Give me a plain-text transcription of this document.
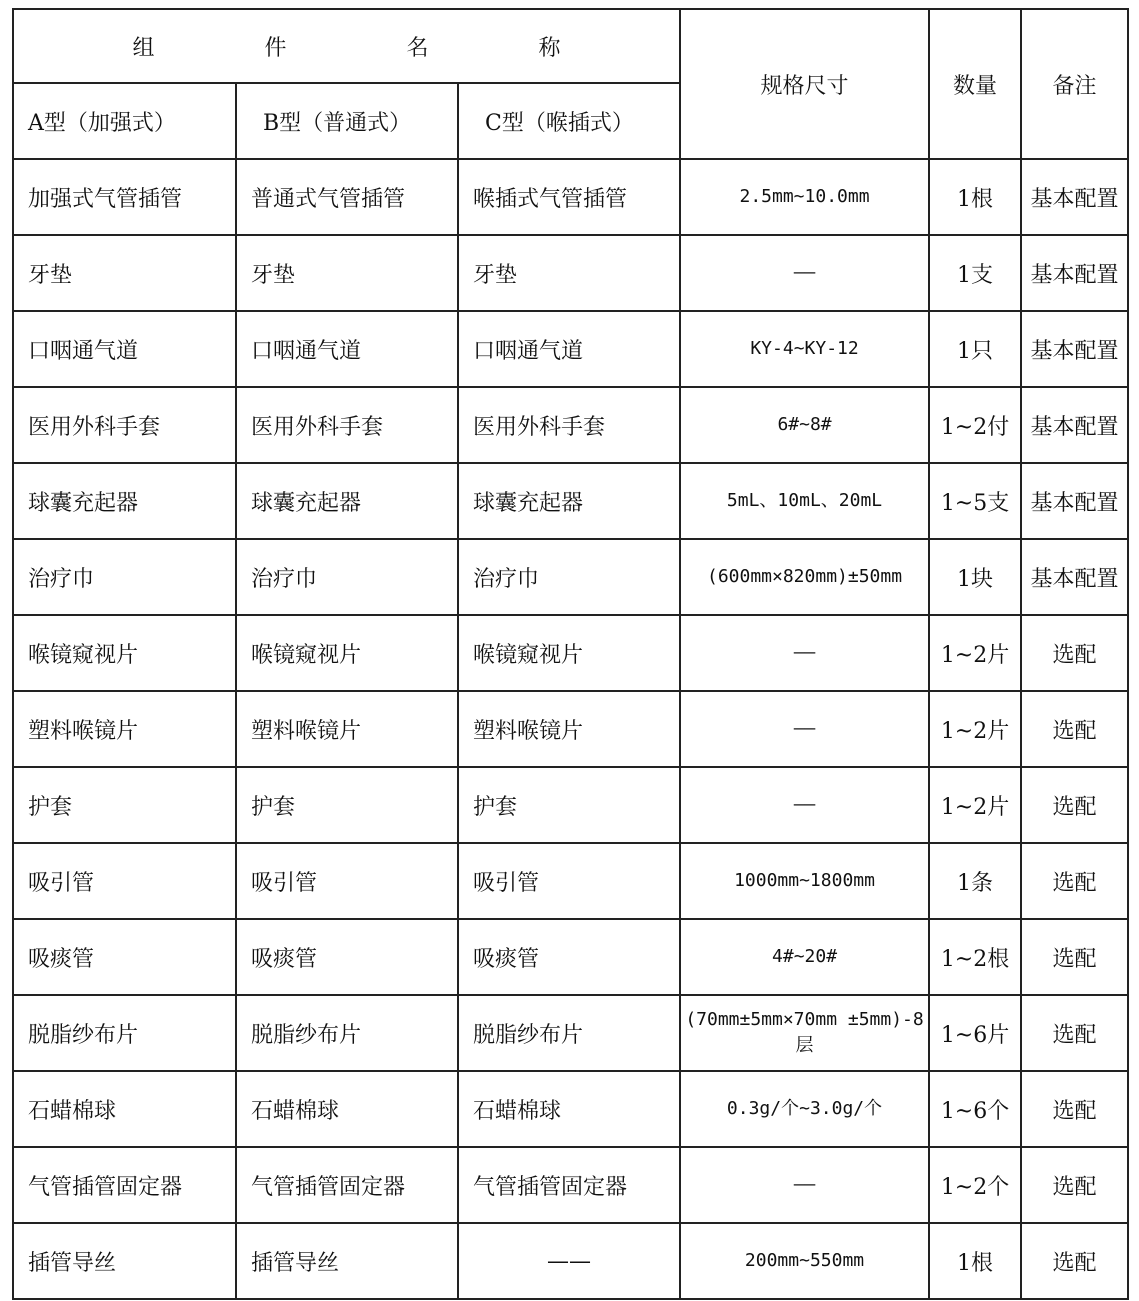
组 件 名 称			规格尺寸	数量	备注
A型（加强式）	B型（普通式）	C型（喉插式）			
加强式气管插管	普通式气管插管	喉插式气管插管	2.5mm~10.0mm	1根	基本配置
牙垫	牙垫	牙垫	——	1支	基本配置
口咽通气道	口咽通气道	口咽通气道	KY-4~KY-12	1只	基本配置
医用外科手套	医用外科手套	医用外科手套	6#~8#	1~2付	基本配置
球囊充起器	球囊充起器	球囊充起器	5mL、10mL、20mL	1~5支	基本配置
治疗巾	治疗巾	治疗巾	(600mm×820mm)±50mm	1块	基本配置
喉镜窥视片	喉镜窥视片	喉镜窥视片	——	1~2片	选配
塑料喉镜片	塑料喉镜片	塑料喉镜片	——	1~2片	选配
护套	护套	护套	——	1~2片	选配
吸引管	吸引管	吸引管	1000mm~1800mm	1条	选配
吸痰管	吸痰管	吸痰管	4#~20#	1~2根	选配
脱脂纱布片	脱脂纱布片	脱脂纱布片	(70mm±5mm×70mm ±5mm)-8层	1~6片	选配
石蜡棉球	石蜡棉球	石蜡棉球	0.3g/个~3.0g/个	1~6个	选配
气管插管固定器	气管插管固定器	气管插管固定器	——	1~2个	选配
插管导丝	插管导丝	——	200mm~550mm	1根	选配
